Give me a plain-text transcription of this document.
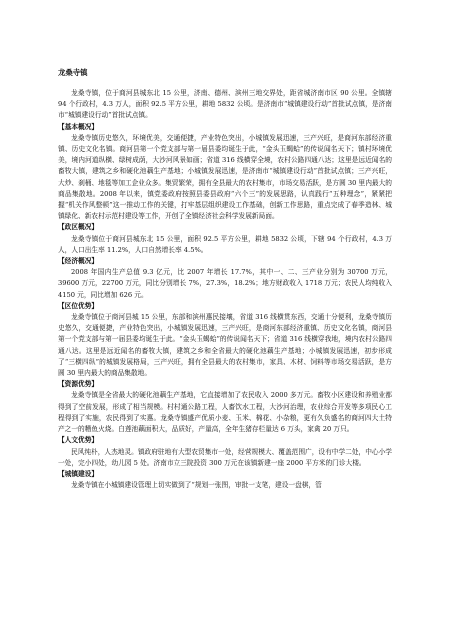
龙桑寺镇

龙桑寺镇，位于商河县城东北 15 公里，济南、德州、滨州三地交界处，距省城济南市区 90 公里。全镇辖 94 个行政村，4.3 万人，面积 92.5 平方公里，耕地 5832 公顷。是济南市“城镇建设行动”首批试点镇，是济南市“城镇建设行动”首批试点镇。

【基本概况】

龙桑寺镇历史悠久，环境优美，交通便捷，产业特色突出，小城镇发展迅速，三产兴旺，是商河东部经济重镇、历史文化名镇。商河县第一个党支部与第一届县委均诞生于此，“金头玉蝎蛤”的传说闻名天下；镇村环境优美，境内河道纵横、绿树成荫，大沙河风景如画；省道 316 线横穿全境，农村公路四通八达；这里是远近闻名的畜牧大镇，建筑之乡和硬化池藕生产基地；小城镇发展迅速，是济南市“城镇建设行动”首批试点镇；三产兴旺，大炒、刹桶、地毯等加工企业众多。集贸繁荣，拥有全县最大的农村集市，市场交易活跃，是方圆 30 里内最大的商品集散地。2008 年以来，镇党委政府按照县委县政府“六个三”的发展思路，认真践行“五种理念”，紧紧把握“机关作风整顿”这一推动工作的关键，打牢基层组织建设工作基础，创新工作思路，重点完成了春季造林、城镇绿化、新农村示范村建设等工作，开创了全镇经济社会科学发展新局面。

【政区概况】

龙桑寺镇位于商河县城东北 15 公里，面积 92.5 平方公里，耕地 5832 公顷，下辖 94 个行政村，4.3 万人，人口出生率 11.2%，人口自然增长率 4.5%。

【经济概况】

2008 年国内生产总值 9.3 亿元，比 2007 年增长 17.7%，其中一、二、三产业分别为 30700 万元，39600 万元，22700 万元，同比分别增长 7%，27.3%，18.2%；地方财政收入 1718 万元；农民人均纯收入 4150 元，同比增加 626 元。

【区位优势】

龙桑寺镇位于商河县城 15 公里，东部和滨州惠民接壤，省道 316 线横贯东西，交通十分便利，龙桑寺镇历史悠久，交通便捷，产业特色突出，小城镇发展迅速，三产兴旺，是商河东部经济重镇、历史文化名镇，商河县第一个党支部与第一届县委均诞生于此。“金头玉蝎蛤”的传说闻名天下；省道 316 线横穿我地，境内农村公路四通八达。这里是远近闻名的畜牧大镇，建筑之乡和全省最大的硬化池藕生产基地；小城镇发展迅速，初步形成了“三横四纵”的城镇发展格局，三产兴旺，拥有全县最大的农村集市，家具、木材、饲料等市场交易活跃，是方圆 30 里内最大的商品集散地。

【资源优势】

龙桑寺镇是全省最大的硬化池藕生产基地，它直接增加了农民收入 2000 多万元。畜牧小区建设和养殖业都得到了空前发展，形成了相当规模。村村通公路工程，人畜饮水工程，大沙河治理，农业综合开发等多项民心工程得到了实施，农民得到了实惠。龙桑寺镇盛产优质小麦、玉米、棉花、小杂粮，更有久负盛名的商河四大土特产之一的糟鱼火烧。白莲池藕面积大，品质好，产量高，全年生猪存栏量达 6 万头，家禽 20 万只。

【人文优势】

民风纯朴，人杰地灵。镇政府驻地有大型农贸集市一处，经营规模大、覆盖范围广，设有中学二处，中心小学一处，完小四处，幼儿园 5 处。济南市立三院投资 300 万元在该镇新建一座 2000 平方米的门诊大楼。

【城镇建设】

龙桑寺镇在小城镇建设管理上切实做到了“规划一张图，审批一支笔，建设一盘棋，管
